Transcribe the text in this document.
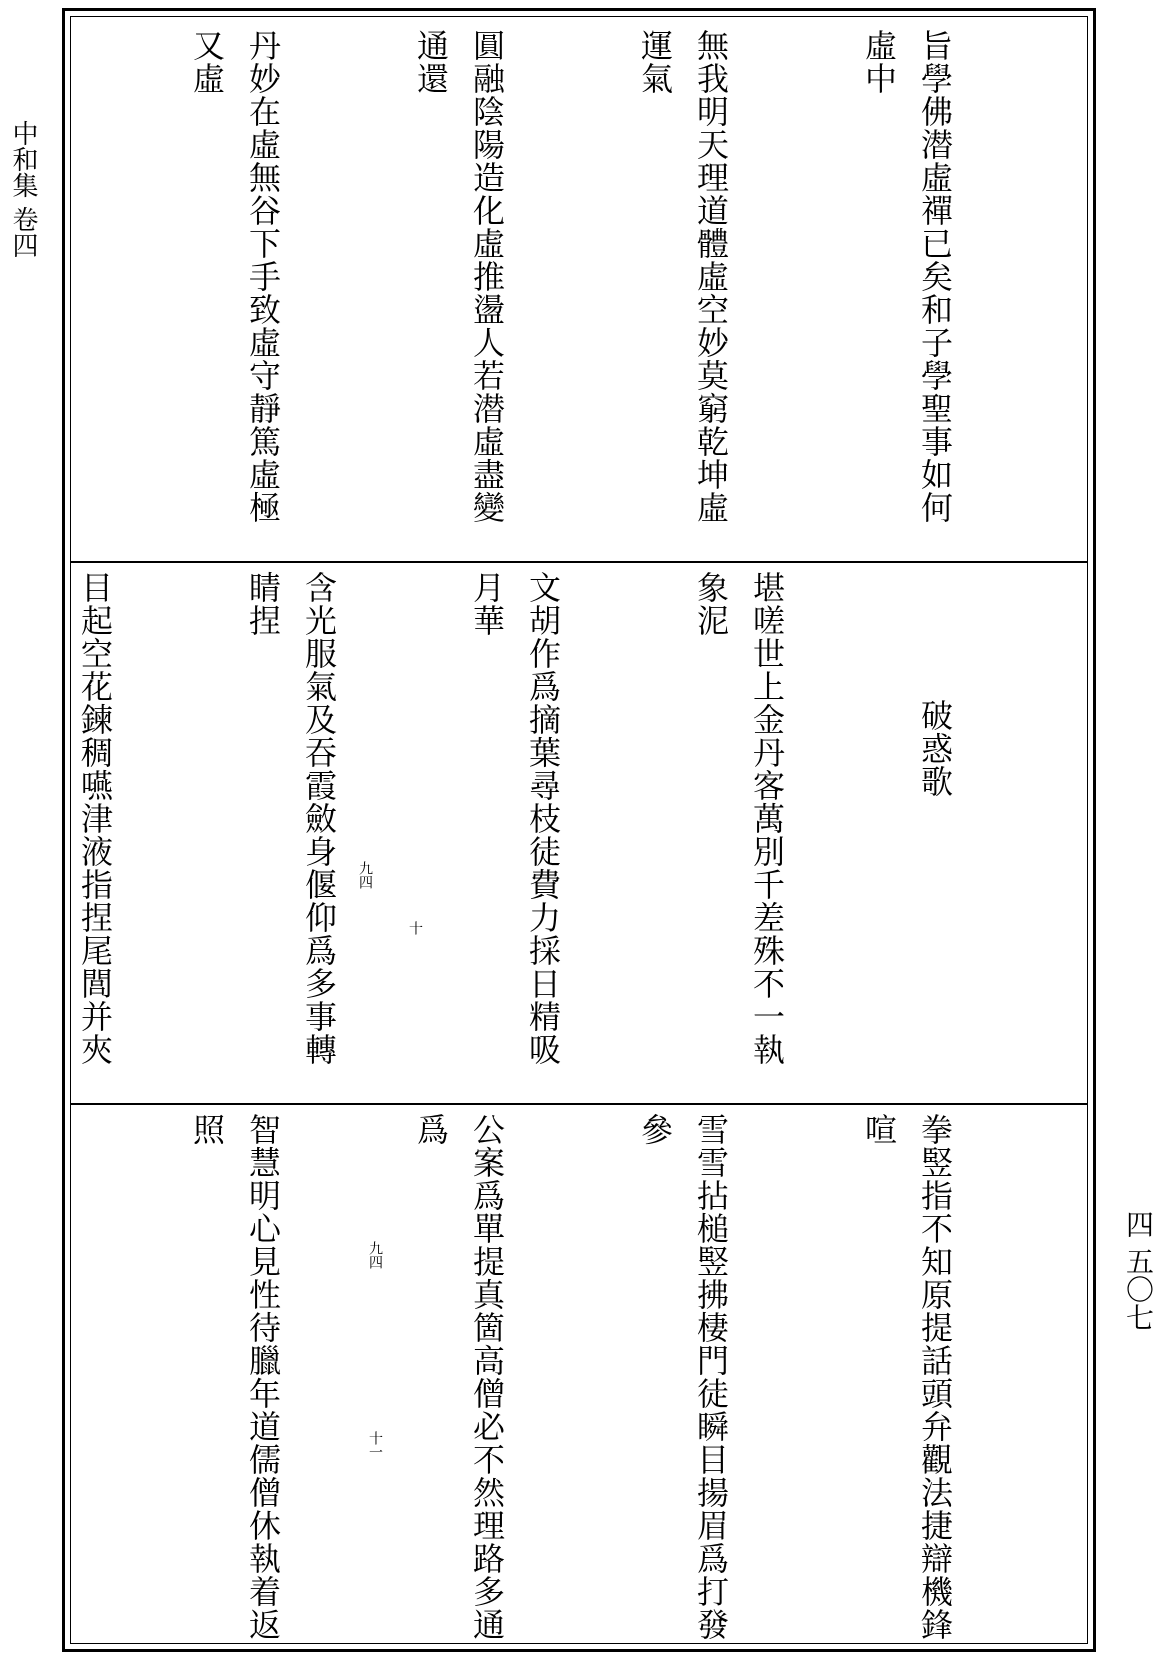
中和集 卷四
四 五〇七

旨學佛潜虛禪已矣和子學聖事如何虛中

無我明天理道體虛空妙莫窮乾坤虛運氣

圓融陰陽造化虛推盪人若潜虛盡變通還

丹妙在虛無谷下手致虛守靜篤虛極又虛

破惑歌

堪嗟世上金丹客萬別千差殊不一執象泥

文胡作爲摘葉尋枝徒費力採日精吸月華

含光服氣及吞霞斂身偃仰爲多事轉睛捏

目起空花鍊稠嚥津液指捏尾閭并夾

拳竪指不知原提話頭弁觀法捷辯機鋒喧

雪雪拈槌竪拂棲門徒瞬目揚眉爲打發參

公案爲單提真箇高僧必不然理路多通爲

智慧明心見性待臘年道儒僧休執着返照

九四
十
九四
十一
